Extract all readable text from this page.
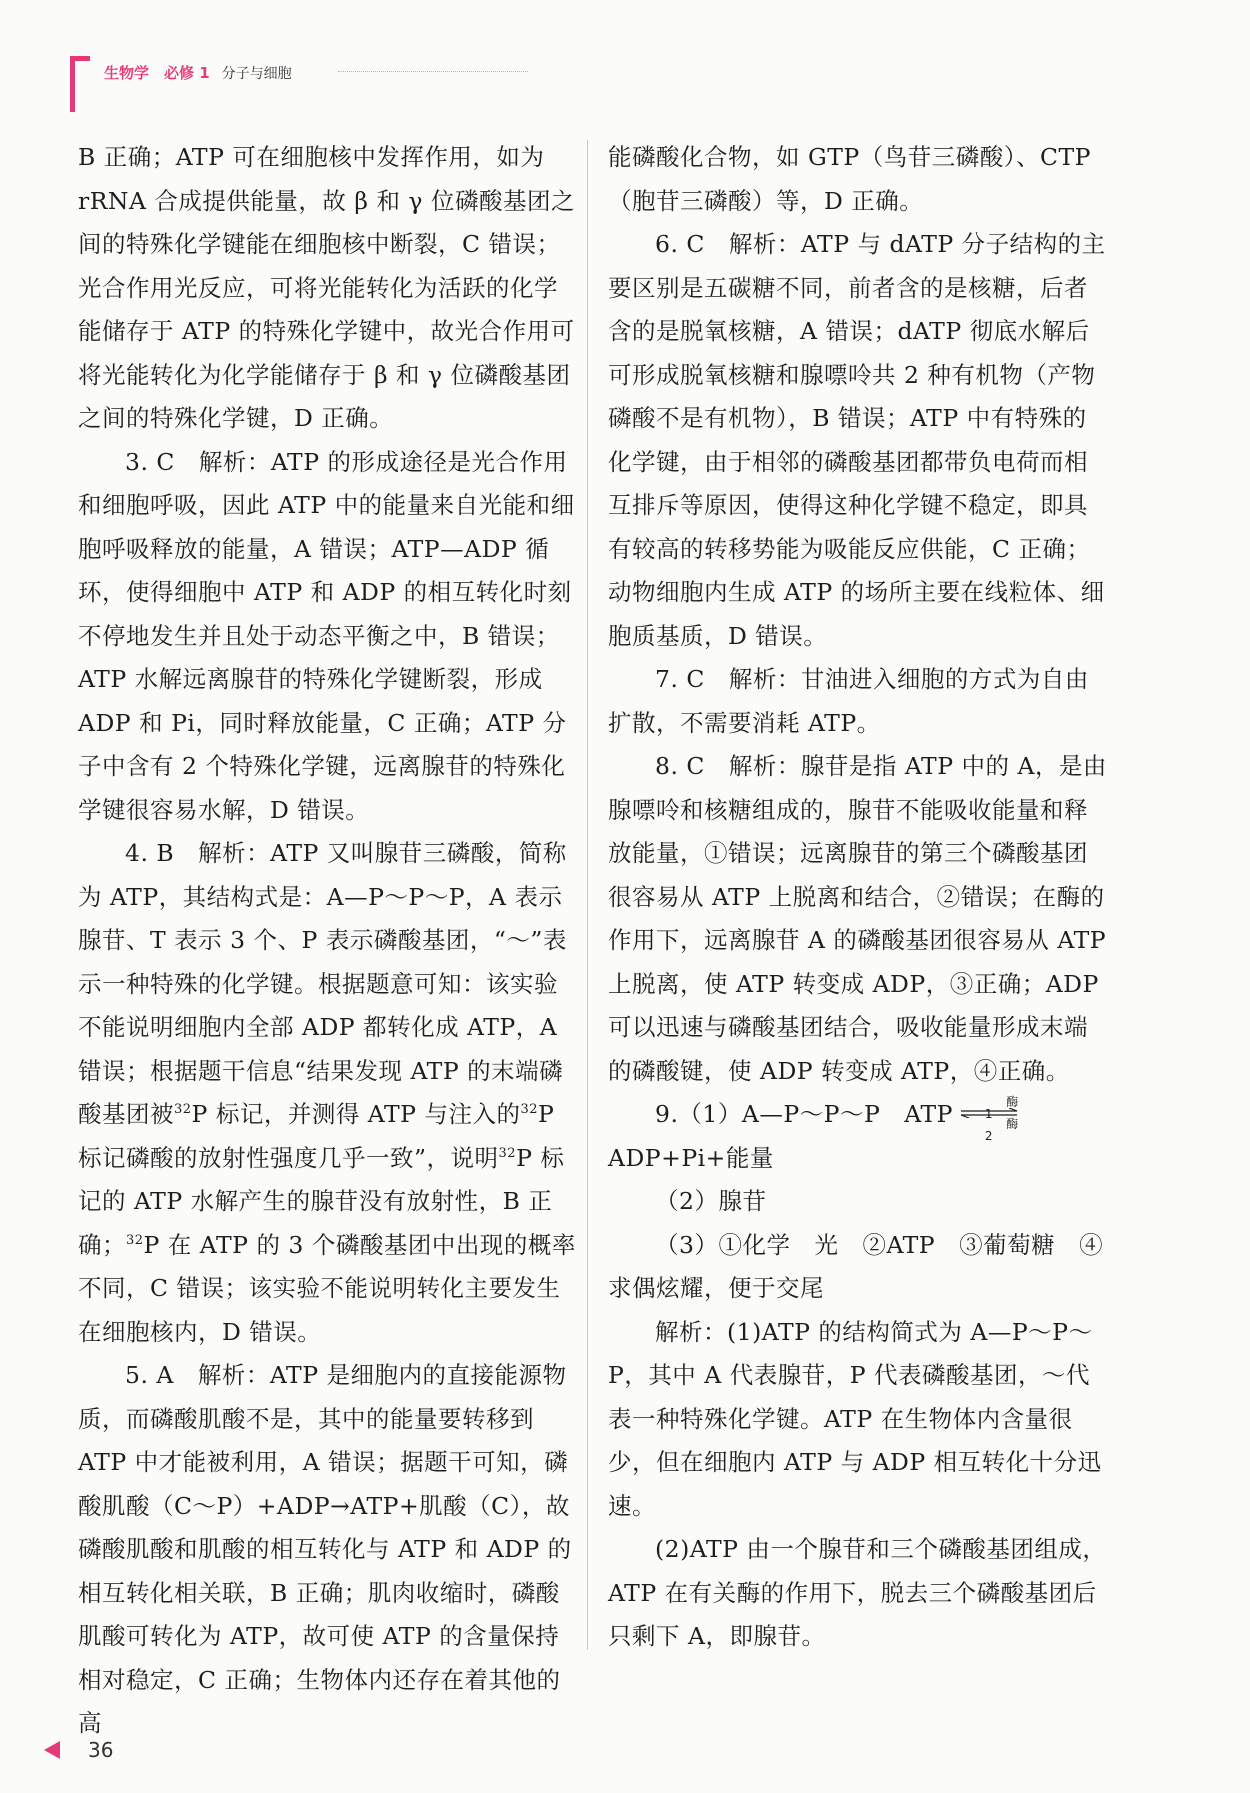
生物学　必修 1 分子与细胞

B 正确；ATP 可在细胞核中发挥作用，如为 rRNA 合成提供能量，故 β 和 γ 位磷酸基团之间的特殊化学键能在细胞核中断裂，C 错误；光合作用光反应，可将光能转化为活跃的化学能储存于 ATP 的特殊化学键中，故光合作用可将光能转化为化学能储存于 β 和 γ 位磷酸基团之间的特殊化学键，D 正确。

3. C　解析：ATP 的形成途径是光合作用和细胞呼吸，因此 ATP 中的能量来自光能和细胞呼吸释放的能量，A 错误；ATP—ADP 循环，使得细胞中 ATP 和 ADP 的相互转化时刻不停地发生并且处于动态平衡之中，B 错误；ATP 水解远离腺苷的特殊化学键断裂，形成 ADP 和 Pi，同时释放能量，C 正确；ATP 分子中含有 2 个特殊化学键，远离腺苷的特殊化学键很容易水解，D 错误。

4. B　解析：ATP 又叫腺苷三磷酸，简称为 ATP，其结构式是：A—P～P～P，A 表示腺苷、T 表示 3 个、P 表示磷酸基团，“～”表示一种特殊的化学键。根据题意可知：该实验不能说明细胞内全部 ADP 都转化成 ATP，A 错误；根据题干信息“结果发现 ATP 的末端磷酸基团被$^{32}$P 标记，并测得 ATP 与注入的$^{32}$P 标记磷酸的放射性强度几乎一致”，说明$^{32}$P 标记的 ATP 水解产生的腺苷没有放射性，B 正确；$^{32}$P 在 ATP 的 3 个磷酸基团中出现的概率不同，C 错误；该实验不能说明转化主要发生在细胞核内，D 错误。

5. A　解析：ATP 是细胞内的直接能源物质，而磷酸肌酸不是，其中的能量要转移到 ATP 中才能被利用，A 错误；据题干可知，磷酸肌酸（C～P）+ADP→ATP+肌酸（C），故磷酸肌酸和肌酸的相互转化与 ATP 和 ADP 的相互转化相关联，B 正确；肌肉收缩时，磷酸肌酸可转化为 ATP，故可使 ATP 的含量保持相对稳定，C 正确；生物体内还存在着其他的高

能磷酸化合物，如 GTP（鸟苷三磷酸）、CTP（胞苷三磷酸）等，D 正确。

6. C　解析：ATP 与 dATP 分子结构的主要区别是五碳糖不同，前者含的是核糖，后者含的是脱氧核糖，A 错误；dATP 彻底水解后可形成脱氧核糖和腺嘌呤共 2 种有机物（产物磷酸不是有机物），B 错误；ATP 中有特殊的化学键，由于相邻的磷酸基团都带负电荷而相互排斥等原因，使得这种化学键不稳定，即具有较高的转移势能为吸能反应供能，C 正确；动物细胞内生成 ATP 的场所主要在线粒体、细胞质基质，D 错误。

7. C　解析：甘油进入细胞的方式为自由扩散，不需要消耗 ATP。

8. C　解析：腺苷是指 ATP 中的 A，是由腺嘌呤和核糖组成的，腺苷不能吸收能量和释放能量，①错误；远离腺苷的第三个磷酸基团很容易从 ATP 上脱离和结合，②错误；在酶的作用下，远离腺苷 A 的磷酸基团很容易从 ATP 上脱离，使 ATP 转变成 ADP，③正确；ADP 可以迅速与磷酸基团结合，吸收能量形成末端的磷酸键，使 ADP 转变成 ATP，④正确。

9.（1）A—P～P～P　ATP	酶1
酶2
ADP+Pi+能量

（2）腺苷

（3）①化学　光　②ATP　③葡萄糖　④求偶炫耀，便于交尾

解析：(1)ATP 的结构简式为 A—P～P～P，其中 A 代表腺苷，P 代表磷酸基团，～代表一种特殊化学键。ATP 在生物体内含量很少，但在细胞内 ATP 与 ADP 相互转化十分迅速。

(2)ATP 由一个腺苷和三个磷酸基团组成，ATP 在有关酶的作用下，脱去三个磷酸基团后只剩下 A，即腺苷。

36
